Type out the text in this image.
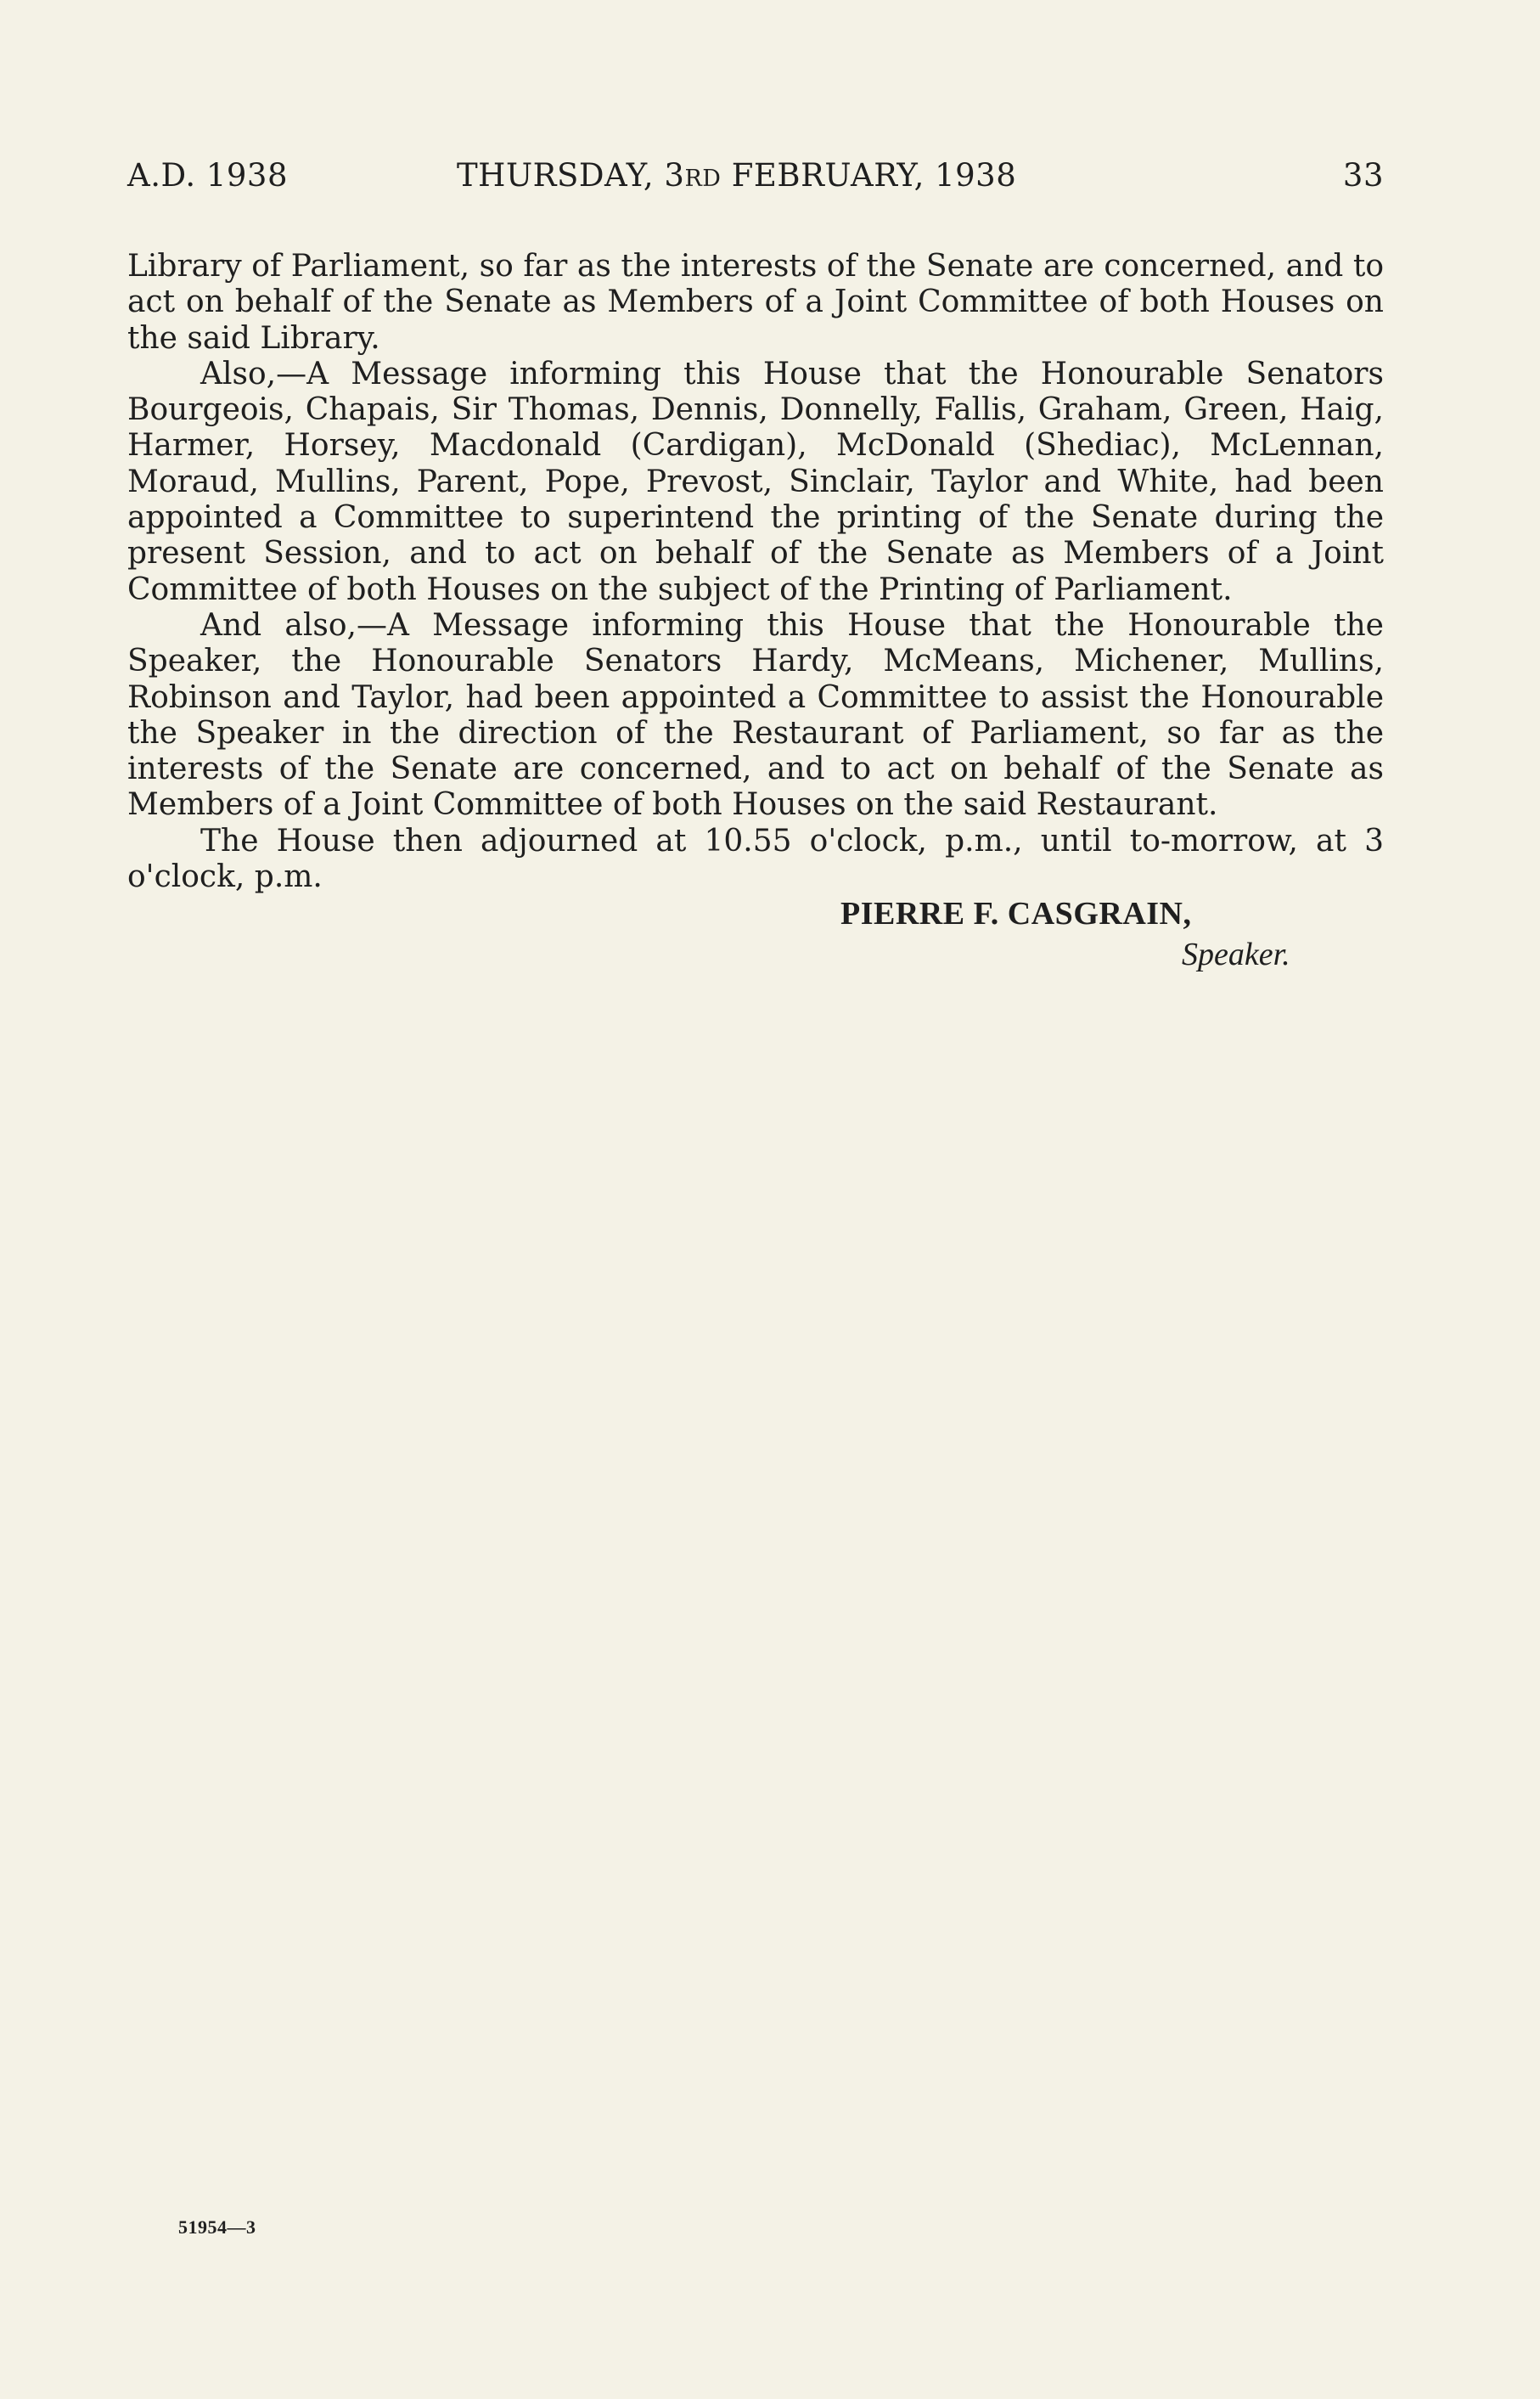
A.D. 1938	THURSDAY, 3RD FEBRUARY, 1938	33

Library of Parliament, so far as the interests of the Senate are concerned, and to act on behalf of the Senate as Members of a Joint Committee of both Houses on the said Library.

Also,—A Message informing this House that the Honourable Senators Bourgeois, Chapais, Sir Thomas, Dennis, Donnelly, Fallis, Graham, Green, Haig, Harmer, Horsey, Macdonald (Cardigan), McDonald (Shediac), McLennan, Moraud, Mullins, Parent, Pope, Prevost, Sinclair, Taylor and White, had been appointed a Committee to superintend the printing of the Senate during the present Session, and to act on behalf of the Senate as Members of a Joint Committee of both Houses on the subject of the Printing of Parliament.

And also,—A Message informing this House that the Honourable the Speaker, the Honourable Senators Hardy, McMeans, Michener, Mullins, Robinson and Taylor, had been appointed a Committee to assist the Honourable the Speaker in the direction of the Restaurant of Parliament, so far as the interests of the Senate are concerned, and to act on behalf of the Senate as Members of a Joint Committee of both Houses on the said Restaurant.

The House then adjourned at 10.55 o'clock, p.m., until to-morrow, at 3 o'clock, p.m.

PIERRE F. CASGRAIN,
Speaker.
51954—3
